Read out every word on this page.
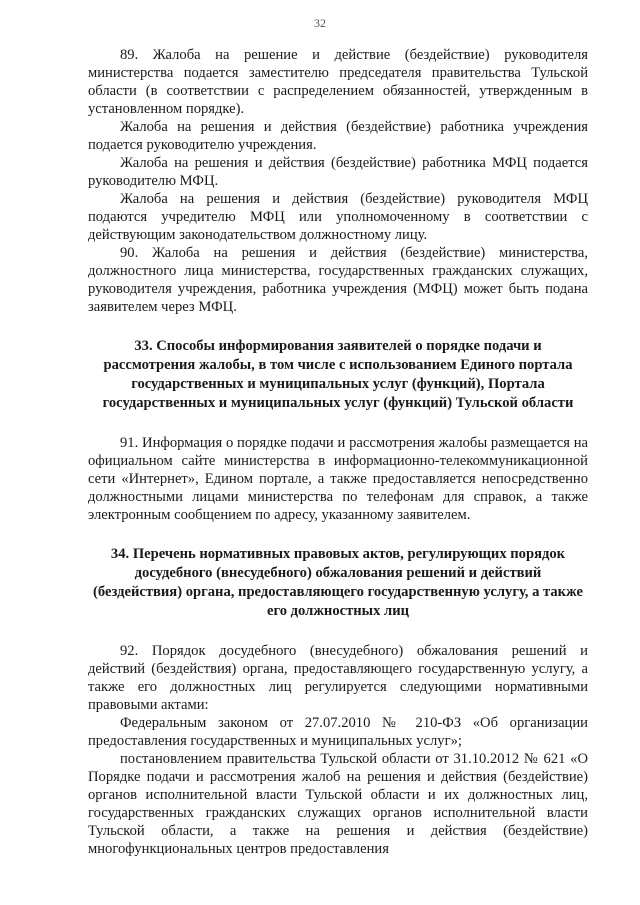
32

89. Жалоба на решение и действие (бездействие) руководителя министерства подается заместителю председателя правительства Тульской области (в соответствии с распределением обязанностей, утвержденным в установленном порядке).

Жалоба на решения и действия (бездействие) работника учреждения подается руководителю учреждения.

Жалоба на решения и действия (бездействие) работника МФЦ подается руководителю МФЦ.

Жалоба на решения и действия (бездействие) руководителя МФЦ подаются учредителю МФЦ или уполномоченному в соответствии с действующим законодательством должностному лицу.

90. Жалоба на решения и действия (бездействие) министерства, должностного лица министерства, государственных гражданских служащих, руководителя учреждения, работника учреждения (МФЦ) может быть подана заявителем через МФЦ.

33. Способы информирования заявителей о порядке подачи и рассмотрения жалобы, в том числе с использованием Единого портала государственных и муниципальных услуг (функций), Портала государственных и муниципальных услуг (функций) Тульской области

91. Информация о порядке подачи и рассмотрения жалобы размещается на официальном сайте министерства в информационно-телекоммуникационной сети «Интернет», Едином портале, а также предоставляется непосредственно должностными лицами министерства по телефонам для справок, а также электронным сообщением по адресу, указанному заявителем.

34. Перечень нормативных правовых актов, регулирующих порядок досудебного (внесудебного) обжалования решений и действий (бездействия) органа, предоставляющего государственную услугу, а также его должностных лиц

92. Порядок досудебного (внесудебного) обжалования решений и действий (бездействия) органа, предоставляющего государственную услугу, а также его должностных лиц регулируется следующими нормативными правовыми актами:

Федеральным законом от 27.07.2010 № 210-ФЗ «Об организации предоставления государственных и муниципальных услуг»;

постановлением правительства Тульской области от 31.10.2012 № 621 «О Порядке подачи и рассмотрения жалоб на решения и действия (бездействие) органов исполнительной власти Тульской области и их должностных лиц, государственных гражданских служащих органов исполнительной власти Тульской области, а также на решения и действия (бездействие) многофункциональных центров предоставления
